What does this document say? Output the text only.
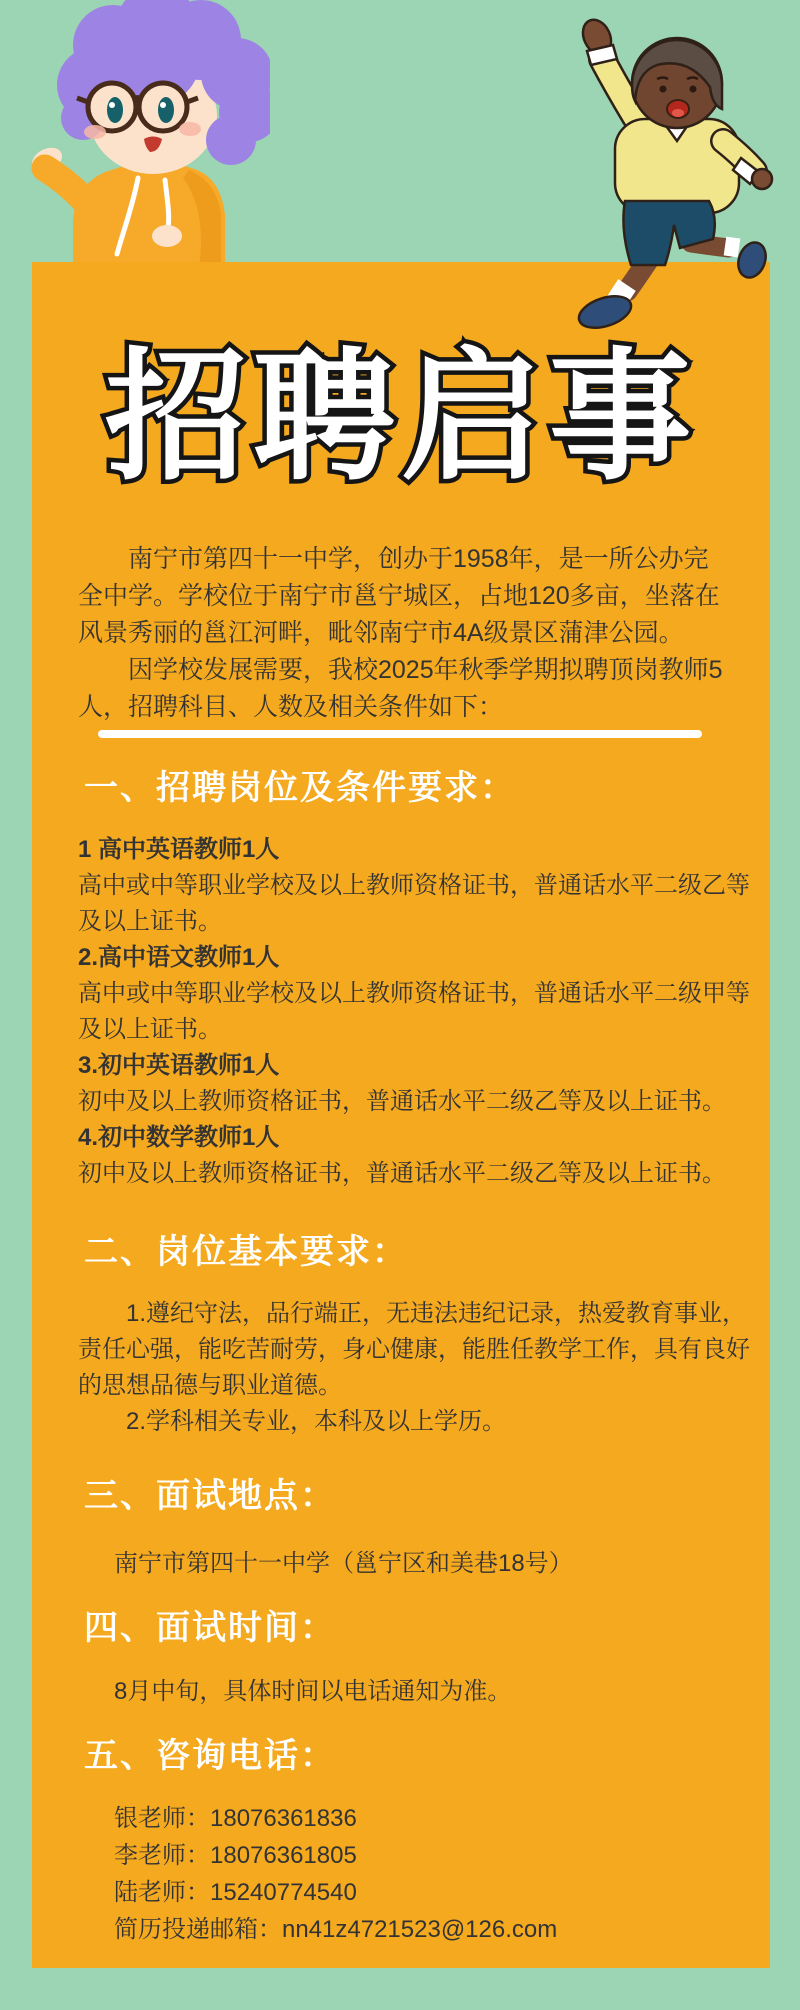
招聘启事

南宁市第四十一中学，创办于1958年，是一所公办完全中学。学校位于南宁市邕宁城区，占地120多亩，坐落在风景秀丽的邕江河畔，毗邻南宁市4A级景区蒲津公园。

因学校发展需要，我校2025年秋季学期拟聘顶岗教师5人，招聘科目、人数及相关条件如下：

一、招聘岗位及条件要求：

1 高中英语教师1人

高中或中等职业学校及以上教师资格证书，普通话水平二级乙等及以上证书。

2.高中语文教师1人

高中或中等职业学校及以上教师资格证书，普通话水平二级甲等及以上证书。

3.初中英语教师1人

初中及以上教师资格证书，普通话水平二级乙等及以上证书。

4.初中数学教师1人

初中及以上教师资格证书，普通话水平二级乙等及以上证书。

二、岗位基本要求：

1.遵纪守法，品行端正，无违法违纪记录，热爱教育事业，责任心强，能吃苦耐劳，身心健康，能胜任教学工作，具有良好的思想品德与职业道德。

2.学科相关专业，本科及以上学历。

三、面试地点：

南宁市第四十一中学（邕宁区和美巷18号）

四、面试时间：

8月中旬，具体时间以电话通知为准。

五、咨询电话：

银老师：18076361836

李老师：18076361805

陆老师：15240774540

简历投递邮箱：nn41z4721523@126.com
